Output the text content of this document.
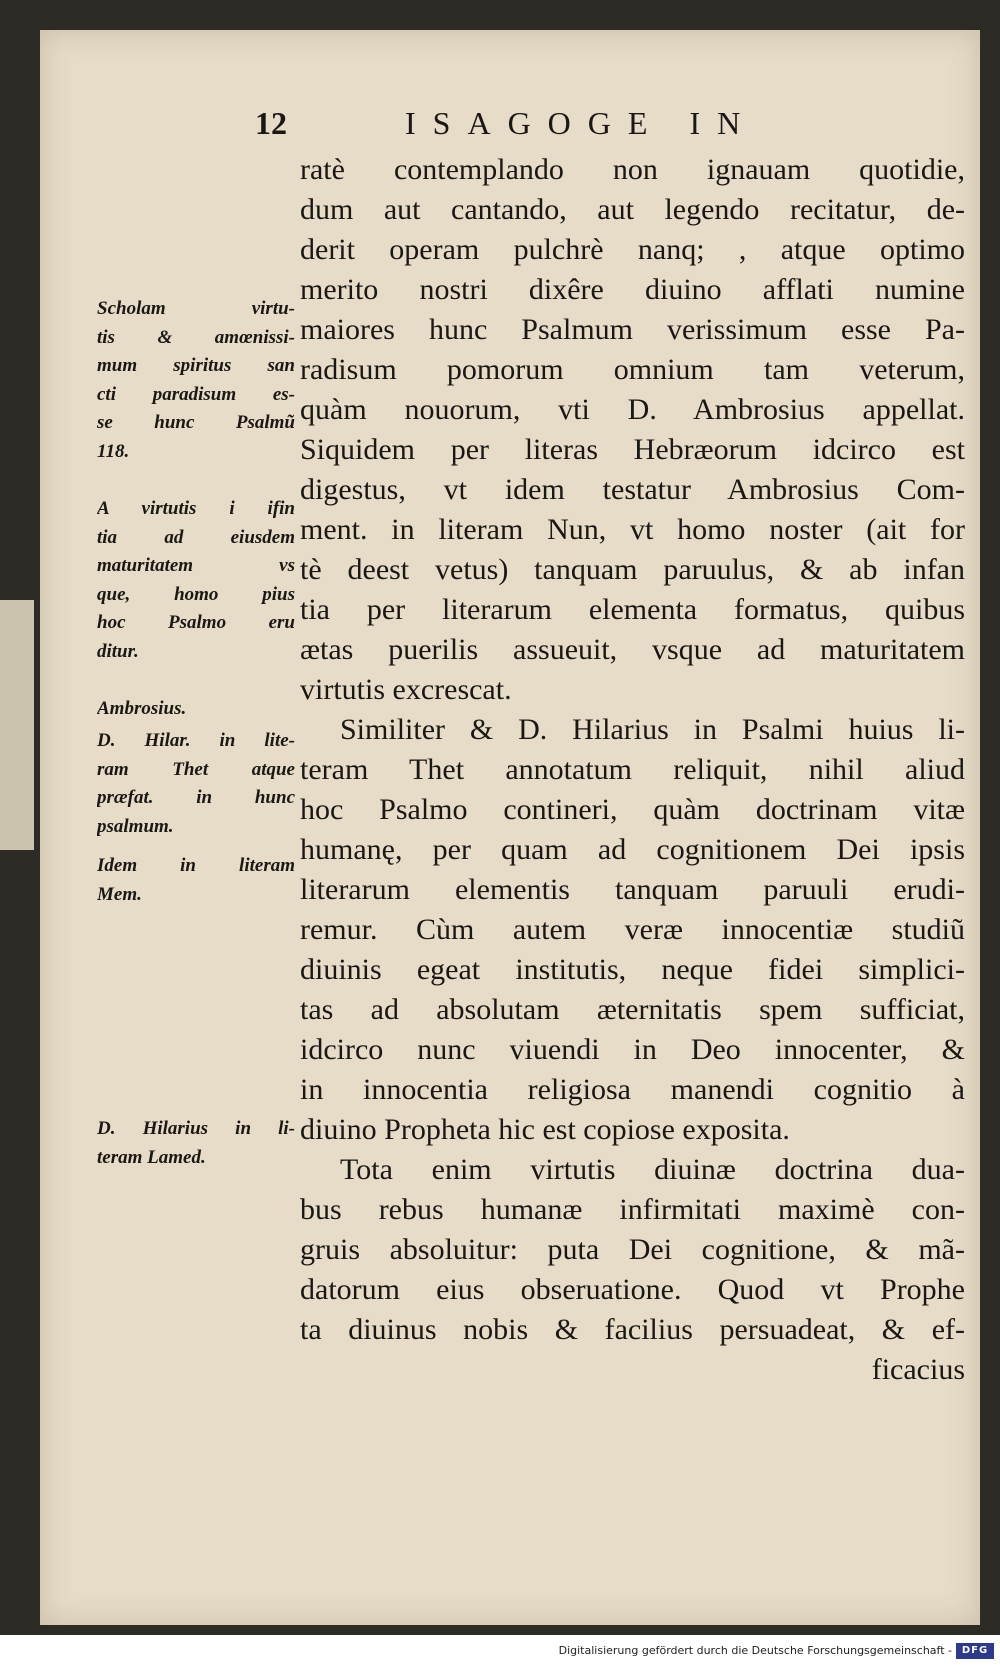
12	ISAGOGE IN
ratè contemplando non ignauam quotidie,
dum aut cantando, aut legendo recitatur, de-
derit operam pulchrè nanq; , atque optimo
merito nostri dixêre diuino afflati numine
maiores hunc Psalmum verissimum esse Pa-
radisum pomorum omnium tam veterum,
quàm nouorum, vti D. Ambrosius appellat.
Siquidem per literas Hebræorum idcirco est
digestus, vt idem testatur Ambrosius Com-
ment. in literam Nun, vt homo noster (ait for
tè deest vetus) tanquam paruulus, & ab infan
tia per literarum elementa formatus, quibus
ætas puerilis assueuit, vsque ad maturitatem
virtutis excrescat.
Similiter & D. Hilarius in Psalmi huius li-
teram Thet annotatum reliquit, nihil aliud
hoc Psalmo contineri, quàm doctrinam vitæ
humanę, per quam ad cognitionem Dei ipsis
literarum elementis tanquam paruuli erudi-
remur. Cùm autem veræ innocentiæ studiũ
diuinis egeat institutis, neque fidei simplici-
tas ad absolutam æternitatis spem sufficiat,
idcirco nunc viuendi in Deo innocenter, &
in innocentia religiosa manendi cognitio à
diuino Propheta hic est copiose exposita.
Tota enim virtutis diuinæ doctrina dua-
bus rebus humanæ infirmitati maximè con-
gruis absoluitur: puta Dei cognitione, & mã-
datorum eius obseruatione. Quod vt Prophe
ta diuinus nobis & facilius persuadeat, & ef-
ficacius
Scholam virtu-
tis & amœnissi-
mum spiritus san
cti paradisum es-
se hunc Psalmũ
118.
A virtutis i ifin
tia ad eiusdem
maturitatem vs
que, homo pius
hoc Psalmo eru
ditur.
Ambrosius.
D. Hilar. in lite-
ram Thet atque
præfat. in hunc
psalmum.
Idem in literam
Mem.
D. Hilarius in li-
teram Lamed.
Digitalisierung gefördert durch die Deutsche Forschungsgemeinschaft - DFG
